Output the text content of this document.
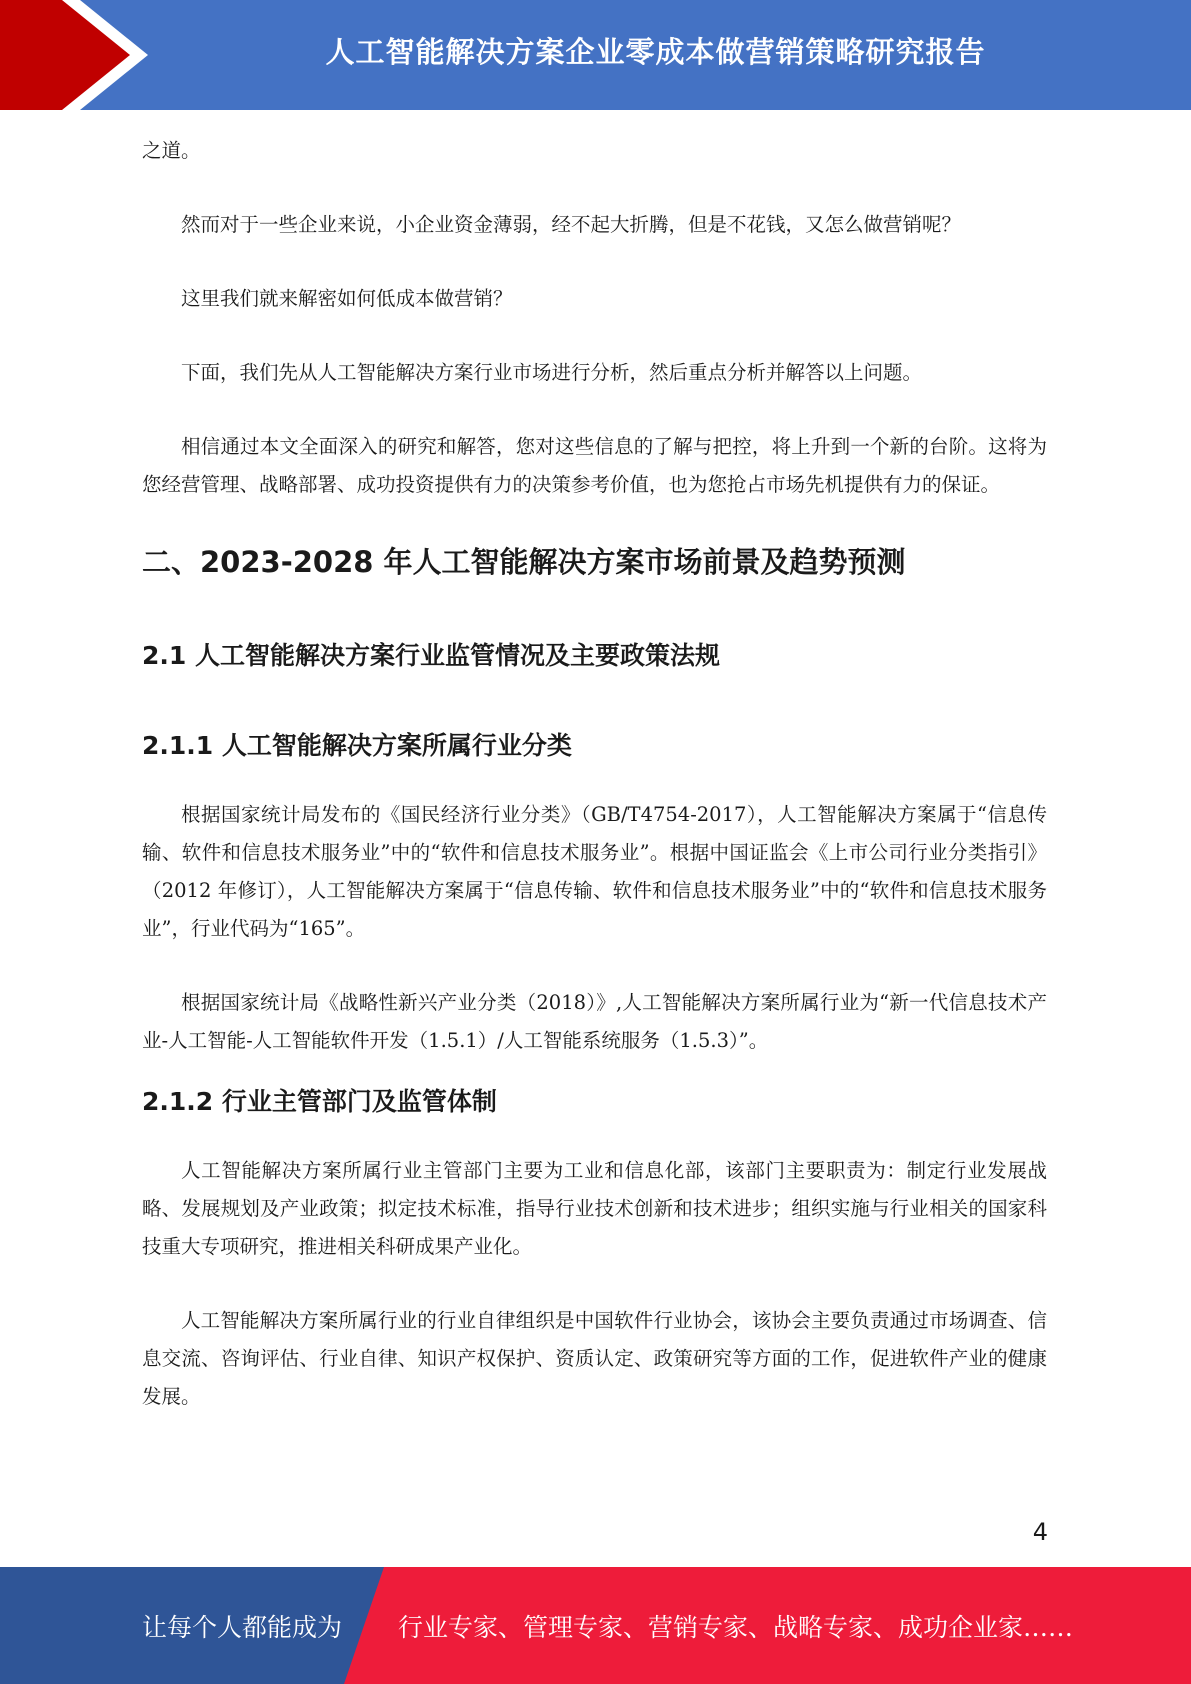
人工智能解决方案企业零成本做营销策略研究报告

之道。

然而对于一些企业来说，小企业资金薄弱，经不起大折腾，但是不花钱，又怎么做营销呢？

这里我们就来解密如何低成本做营销？

下面，我们先从人工智能解决方案行业市场进行分析，然后重点分析并解答以上问题。

相信通过本文全面深入的研究和解答，您对这些信息的了解与把控，将上升到一个新的台阶。这将为您经营管理、战略部署、成功投资提供有力的决策参考价值，也为您抢占市场先机提供有力的保证。

二、2023-2028 年人工智能解决方案市场前景及趋势预测
2.1 人工智能解决方案行业监管情况及主要政策法规
2.1.1 人工智能解决方案所属行业分类

根据国家统计局发布的《国民经济行业分类》（GB/T4754-2017），人工智能解决方案属于“信息传输、软件和信息技术服务业”中的“软件和信息技术服务业”。根据中国证监会《上市公司行业分类指引》（2012 年修订），人工智能解决方案属于“信息传输、软件和信息技术服务业”中的“软件和信息技术服务业”，行业代码为“165”。

根据国家统计局《战略性新兴产业分类（2018）》,人工智能解决方案所属行业为“新一代信息技术产业-人工智能-人工智能软件开发（1.5.1）/人工智能系统服务（1.5.3）”。

2.1.2 行业主管部门及监管体制

人工智能解决方案所属行业主管部门主要为工业和信息化部，该部门主要职责为：制定行业发展战略、发展规划及产业政策；拟定技术标准，指导行业技术创新和技术进步；组织实施与行业相关的国家科技重大专项研究，推进相关科研成果产业化。

人工智能解决方案所属行业的行业自律组织是中国软件行业协会，该协会主要负责通过市场调查、信息交流、咨询评估、行业自律、知识产权保护、资质认定、政策研究等方面的工作，促进软件产业的健康发展。

4
让每个人都能成为 行业专家、管理专家、营销专家、战略专家、成功企业家……
